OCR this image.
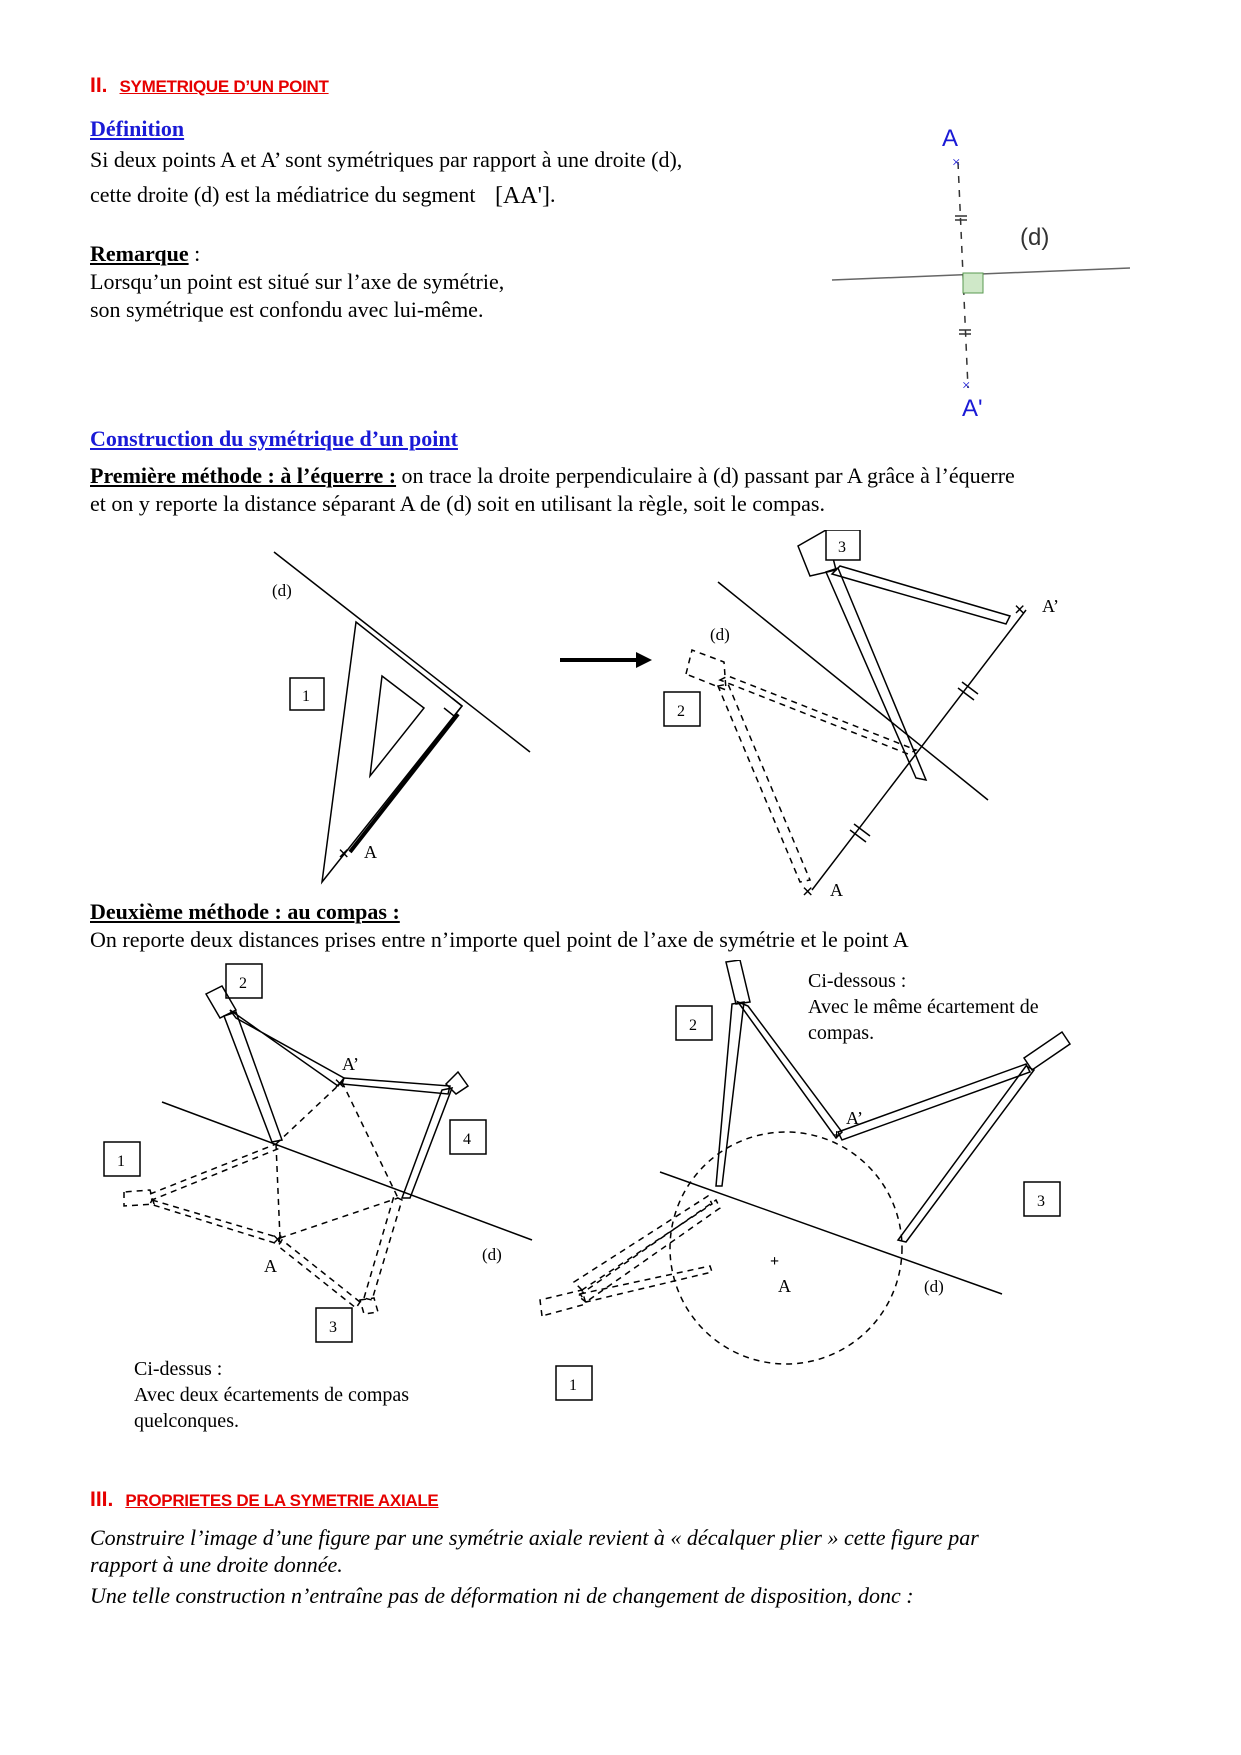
II. SYMETRIQUE D’UN POINT
Définition
Si deux points A et A’ sont symétriques par rapport à une droite (d),
cette droite (d) est la médiatrice du segment [AA'].
Remarque :
Lorsqu’un point est situé sur l’axe de symétrie,
son symétrique est confondu avec lui-même.
×
×
A
A'
(d)
Construction du symétrique d’un point
Première méthode : à l’équerre : on trace la droite perpendiculaire à (d) passant par A grâce à l’équerre
et on y reporte la distance séparant A de (d) soit en utilisant la règle, soit le compas.
× A
(d)
1
2
3
× A’
× A
(d)
Deuxième méthode : au compas :
On reporte deux distances prises entre n’importe quel point de l’axe de symétrie et le point A
×
A’
×
A
(d)
2
1
4
3
+
A’
+
A	(d)
2
3
1
Ci-dessous :
Avec le même écartement de
compas.
Ci-dessus :
Avec deux écartements de compas
quelconques.
III. PROPRIETES DE LA SYMETRIE AXIALE
Construire l’image d’une figure par une symétrie axiale revient à « décalquer plier » cette figure par
rapport à une droite donnée.
Une telle construction n’entraîne pas de déformation ni de changement de disposition, donc :
